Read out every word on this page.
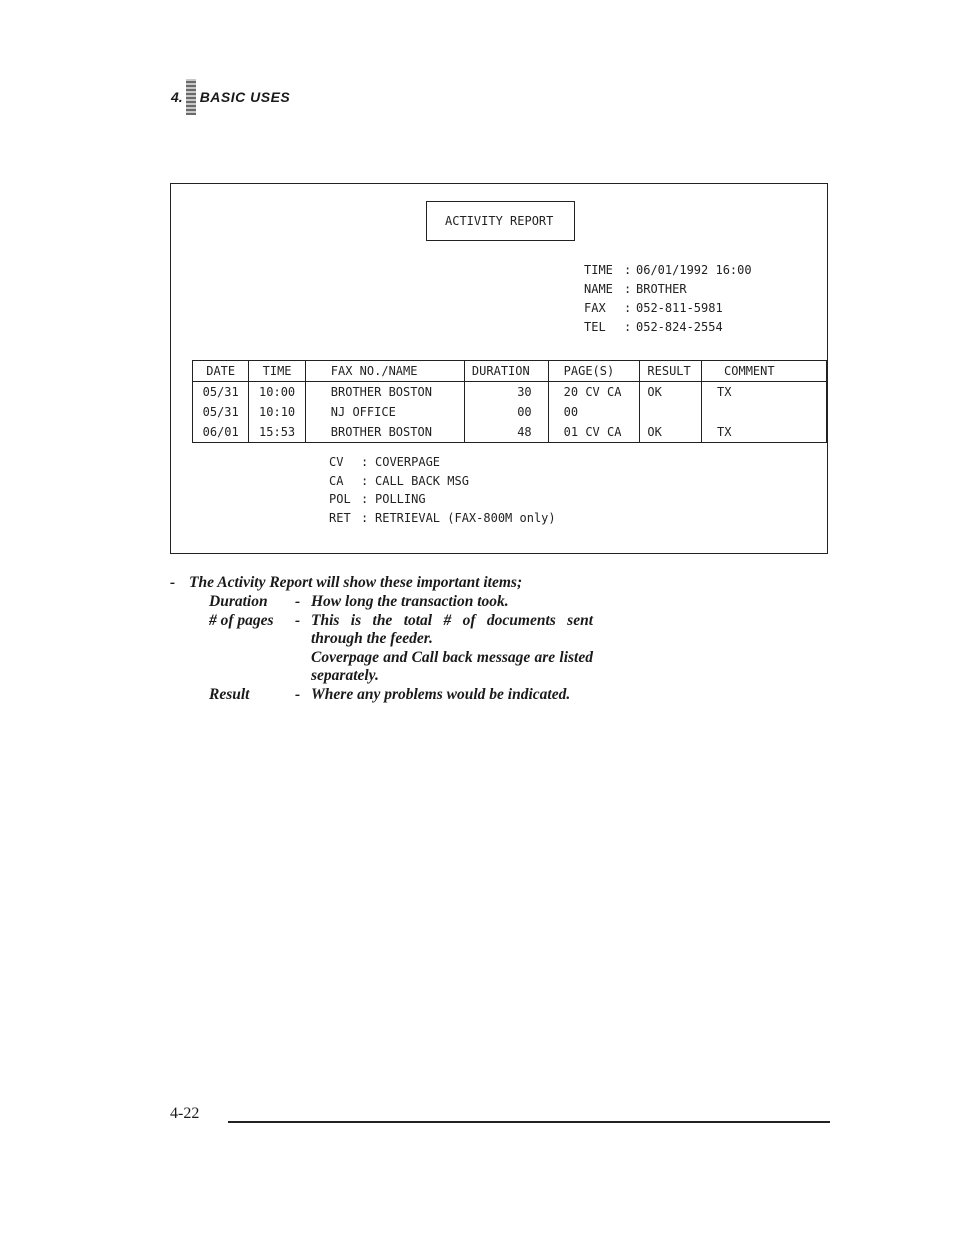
4. BASIC USES
ACTIVITY REPORT
TIME : 06/01/1992 16:00
NAME : BROTHER
FAX	: 052-811-5981
TEL	: 052-824-2554
DATE	TIME	FAX NO./NAME	DURATION	PAGE(S)	RESULT	COMMENT
05/31	10:00	BROTHER BOSTON	30	20 CV CA	OK	TX
05/31	10:10	NJ OFFICE	00	00		
06/01	15:53	BROTHER BOSTON	48	01 CV CA	OK	TX
CV	: COVERPAGE
CA	: CALL BACK MSG
POL : POLLING
RET : RETRIEVAL (FAX-800M only)
- The Activity Report will show these important items;
Duration	- How long the transaction took.
# of pages	- This is the total # of documents sent through the feeder.
Coverpage and Call back message are listed separately.
Result	- Where any problems would be indicated.
4-22
